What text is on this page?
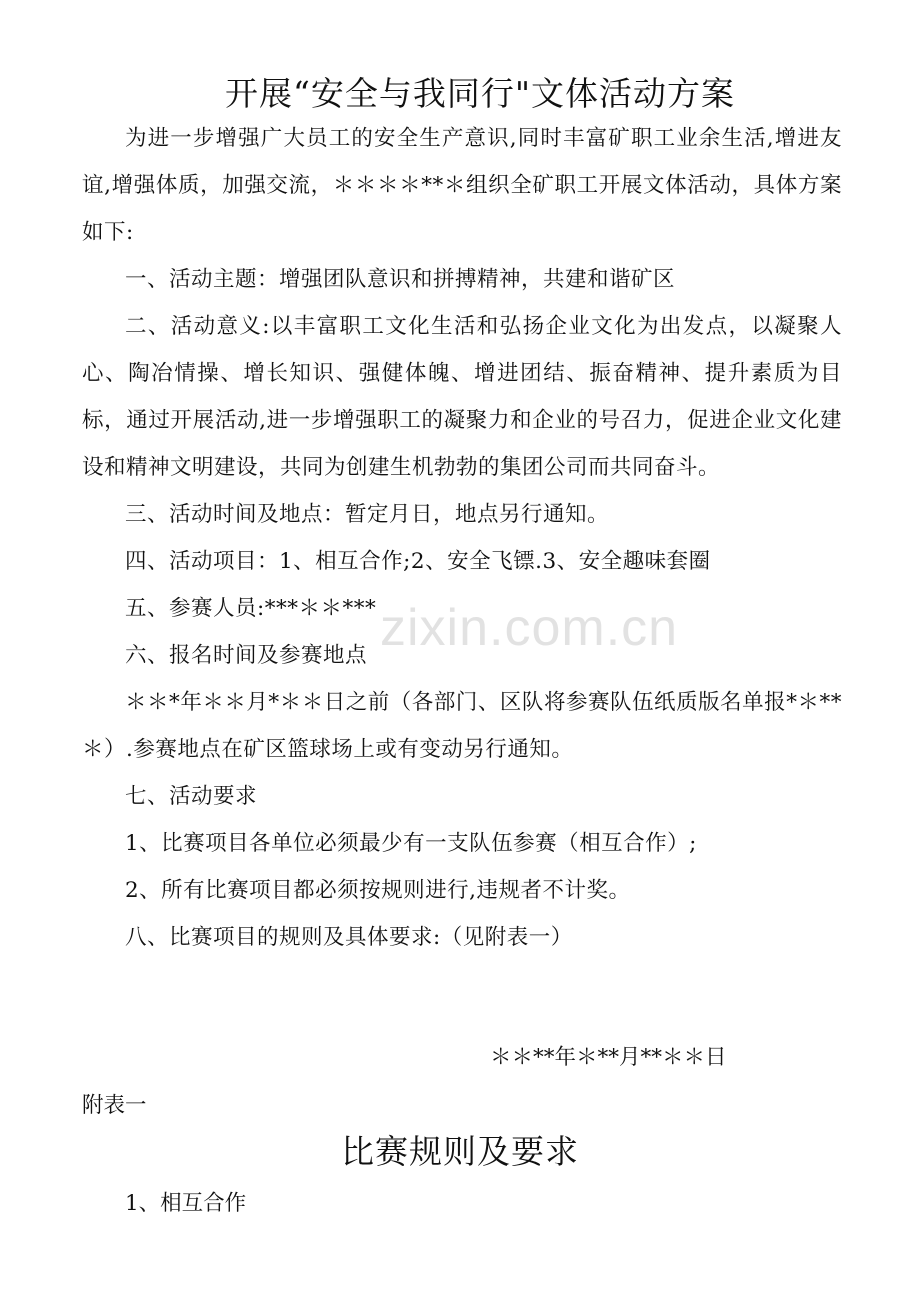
开展“安全与我同行"文体活动方案

为进一步增强广大员工的安全生产意识,同时丰富矿职工业余生活,增进友谊,增强体质，加强交流，＊＊＊＊**＊组织全矿职工开展文体活动，具体方案如下:

一、活动主题：增强团队意识和拼搏精神，共建和谐矿区

二、活动意义:以丰富职工文化生活和弘扬企业文化为出发点，以凝聚人心、陶冶情操、增长知识、强健体魄、增进团结、振奋精神、提升素质为目标，通过开展活动,进一步增强职工的凝聚力和企业的号召力，促进企业文化建设和精神文明建设，共同为创建生机勃勃的集团公司而共同奋斗。

三、活动时间及地点：暂定月日，地点另行通知。

四、活动项目：1、相互合作;2、安全飞镖.3、安全趣味套圈

五、参赛人员:***＊＊***

六、报名时间及参赛地点

＊＊*年＊＊月*＊＊日之前（各部门、区队将参赛队伍纸质版名单报*＊**＊）.参赛地点在矿区篮球场上或有变动另行通知。

七、活动要求

1、比赛项目各单位必须最少有一支队伍参赛（相互合作）;

2、所有比赛项目都必须按规则进行,违规者不计奖。

八、比赛项目的规则及具体要求:（见附表一）

＊＊**年＊**月**＊＊日
附表一
比赛规则及要求
1、相互合作
zixin.com.cn
